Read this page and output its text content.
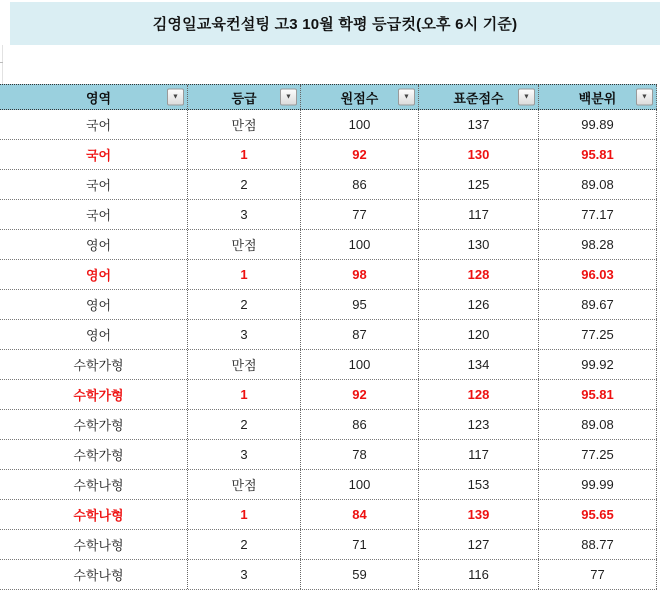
김영일교육컨설팅 고3 10월 학평 등급컷(오후 6시 기준)
영역	▼	등급	▼	원점수	▼	표준점수	▼	백분위	▼
국어	만점	100	137	99.89
국어	1	92	130	95.81
국어	2	86	125	89.08
국어	3	77	117	77.17
영어	만점	100	130	98.28
영어	1	98	128	96.03
영어	2	95	126	89.67
영어	3	87	120	77.25
수학가형	만점	100	134	99.92
수학가형	1	92	128	95.81
수학가형	2	86	123	89.08
수학가형	3	78	117	77.25
수학나형	만점	100	153	99.99
수학나형	1	84	139	95.65
수학나형	2	71	127	88.77
수학나형	3	59	116	77
